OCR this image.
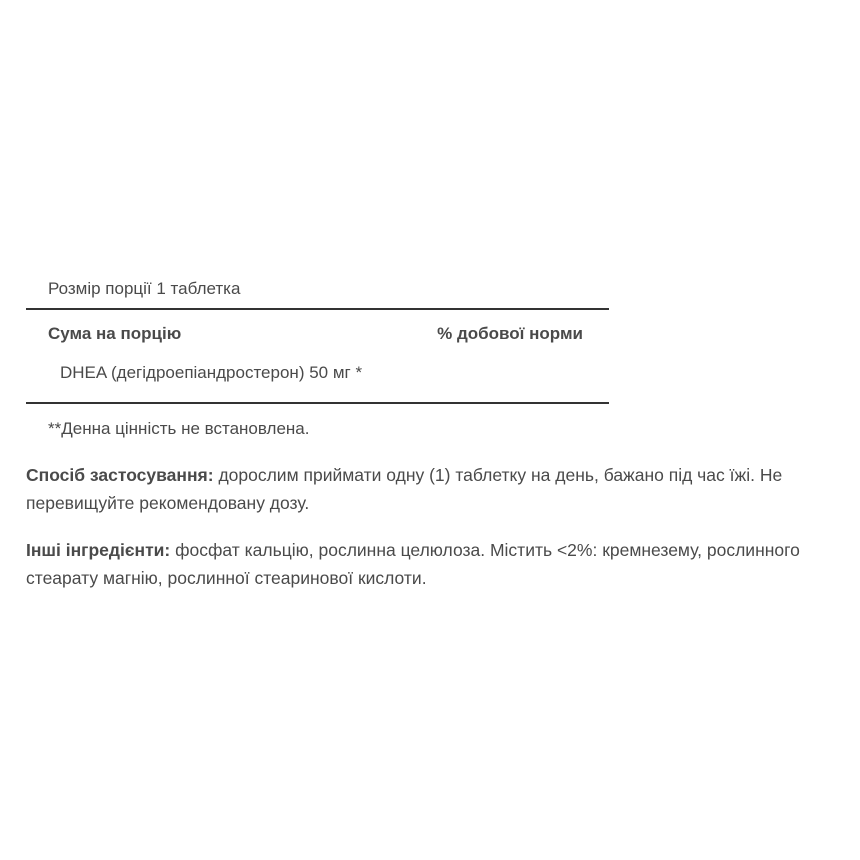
Розмір порції 1 таблетка
Сума на порцію	% добової норми
DHEA (дегідроепіандростерон) 50 мг *
**Денна цінність не встановлена.
Спосіб застосування: дорослим приймати одну (1) таблетку на день, бажано під час їжі. Не перевищуйте рекомендовану дозу.
Інші інгредієнти: фосфат кальцію, рослинна целюлоза. Містить <2%: кремнезему, рослинного стеарату магнію, рослинної стеаринової кислоти.
